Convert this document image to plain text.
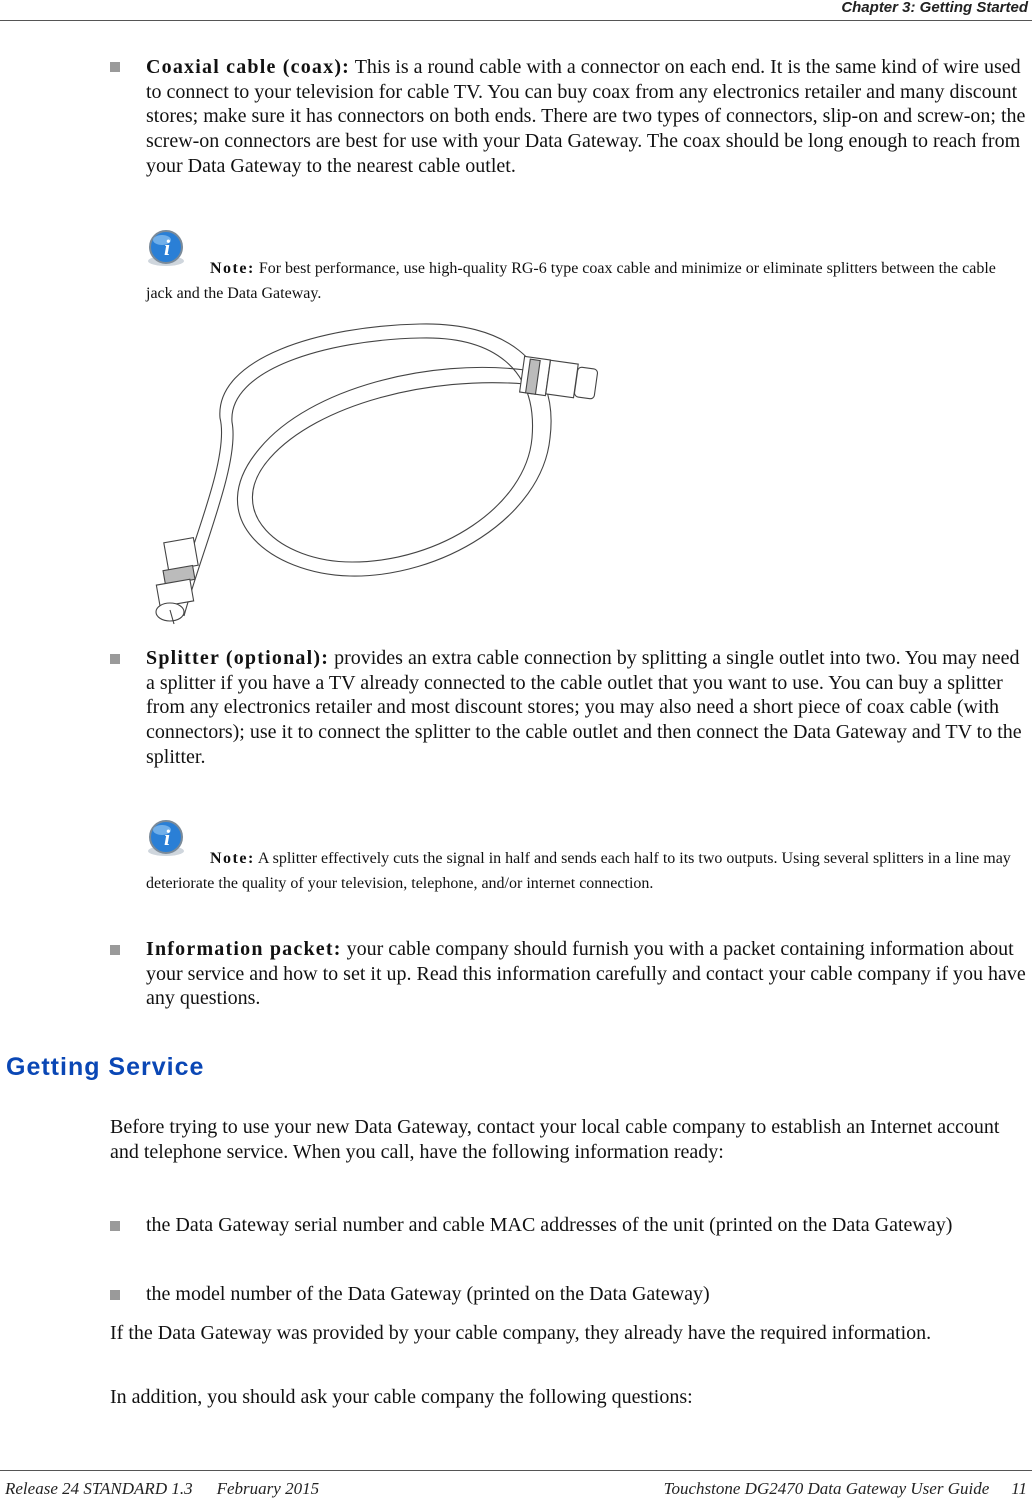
Chapter 3: Getting Started
Coaxial cable (coax): This is a round cable with a connector on each end. It is the same kind of wire used to connect to your television for cable TV. You can buy coax from any electronics retailer and many discount stores; make sure it has connectors on both ends. There are two types of connectors, slip-on and screw-on; the screw-on connectors are best for use with your Data Gateway. The coax should be long enough to reach from your Data Gateway to the nearest cable outlet.
i
Note: For best performance, use high-quality RG-6 type coax cable and minimize or eliminate splitters between the cable jack and the Data Gateway.
Splitter (optional): provides an extra cable connection by splitting a single outlet into two. You may need a splitter if you have a TV already connected to the cable outlet that you want to use. You can buy a splitter from any electronics retailer and most discount stores; you may also need a short piece of coax cable (with connectors); use it to connect the splitter to the cable outlet and then connect the Data Gateway and TV to the splitter.
i
Note: A splitter effectively cuts the signal in half and sends each half to its two outputs. Using several splitters in a line may deteriorate the quality of your television, telephone, and/or internet connection.
Information packet: your cable company should furnish you with a packet containing information about your service and how to set it up. Read this information carefully and contact your cable company if you have any questions.
Getting Service
Before trying to use your new Data Gateway, contact your local cable company to establish an Internet account and telephone service. When you call, have the following information ready:
the Data Gateway serial number and cable MAC addresses of the unit (printed on the Data Gateway)
the model number of the Data Gateway (printed on the Data Gateway)
If the Data Gateway was provided by your cable company, they already have the required information.
In addition, you should ask your cable company the following questions:
Release 24 STANDARD 1.3 February 2015	Touchstone DG2470 Data Gateway User Guide 11
